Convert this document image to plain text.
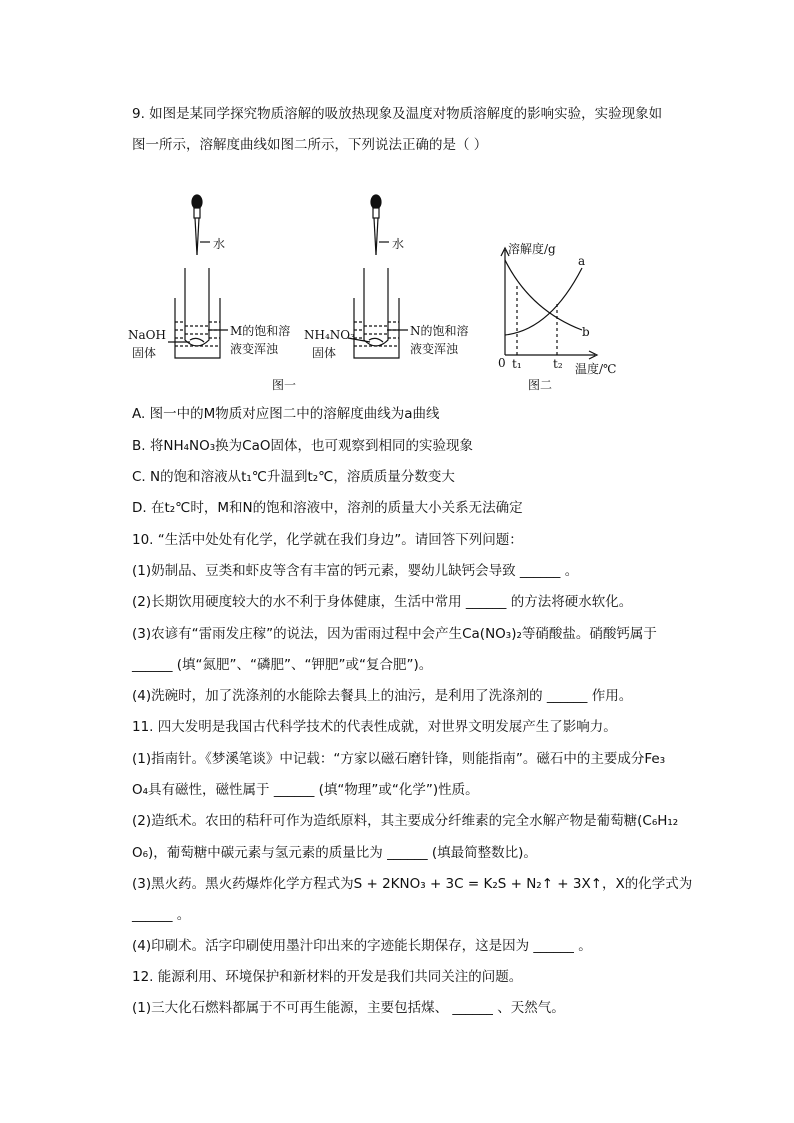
9. 如图是某同学探究物质溶解的吸放热现象及温度对物质溶解度的影响实验，实验现象如
图一所示，溶解度曲线如图二所示，下列说法正确的是（ ）
水	水
NaOH
固体
M的饱和溶
液变浑浊
NH₄NO₃
固体
N的饱和溶
液变浑浊
图一	图二
溶解度/g
温度/℃
0 t₁	t₂
a
b
A. 图一中的M物质对应图二中的溶解度曲线为a曲线
B. 将NH₄NO₃换为CaO固体，也可观察到相同的实验现象
C. N的饱和溶液从t₁℃升温到t₂℃，溶质质量分数变大
D. 在t₂℃时，M和N的饱和溶液中，溶剂的质量大小关系无法确定
10. “生活中处处有化学，化学就在我们身边”。请回答下列问题：
(1)奶制品、豆类和虾皮等含有丰富的钙元素，婴幼儿缺钙会导致 ______ 。
(2)长期饮用硬度较大的水不利于身体健康，生活中常用 ______ 的方法将硬水软化。
(3)农谚有“雷雨发庄稼”的说法，因为雷雨过程中会产生Ca(NO₃)₂等硝酸盐。硝酸钙属于
______ (填“氮肥”、“磷肥”、“钾肥”或“复合肥”)。
(4)洗碗时，加了洗涤剂的水能除去餐具上的油污，是利用了洗涤剂的 ______ 作用。
11. 四大发明是我国古代科学技术的代表性成就，对世界文明发展产生了影响力。
(1)指南针。《梦溪笔谈》中记载：“方家以磁石磨针锋，则能指南”。磁石中的主要成分Fe₃
O₄具有磁性，磁性属于 ______ (填“物理”或“化学”)性质。
(2)造纸术。农田的秸秆可作为造纸原料，其主要成分纤维素的完全水解产物是葡萄糖(C₆H₁₂
O₆)，葡萄糖中碳元素与氢元素的质量比为 ______ (填最简整数比)。
(3)黑火药。黑火药爆炸化学方程式为S + 2KNO₃ + 3C = K₂S + N₂↑ + 3X↑，X的化学式为
______ 。
(4)印刷术。活字印刷使用墨汁印出来的字迹能长期保存，这是因为 ______ 。
12. 能源利用、环境保护和新材料的开发是我们共同关注的问题。
(1)三大化石燃料都属于不可再生能源，主要包括煤、 ______ 、天然气。
